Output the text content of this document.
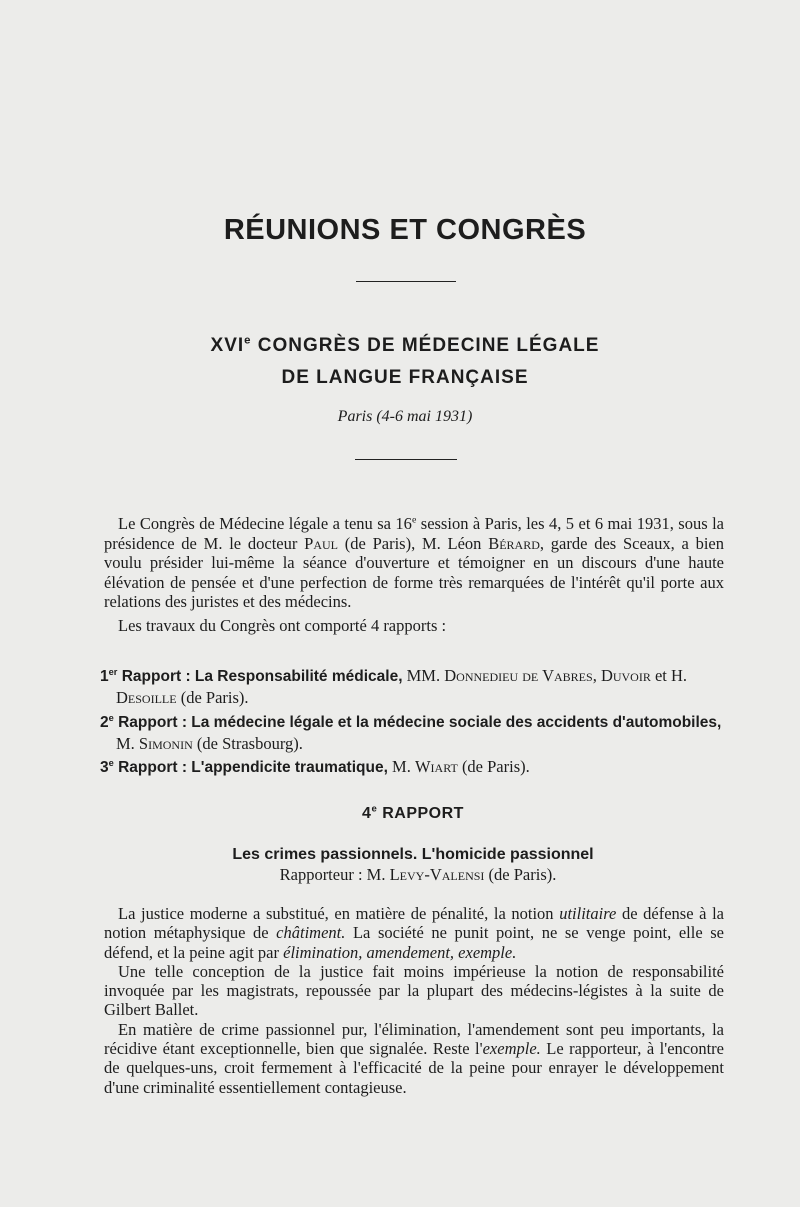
RÉUNIONS ET CONGRÈS
XVIe CONGRÈS DE MÉDECINE LÉGALE
DE LANGUE FRANÇAISE
Paris (4-6 mai 1931)

Le Congrès de Médecine légale a tenu sa 16e session à Paris, les 4, 5 et 6 mai 1931, sous la présidence de M. le docteur Paul (de Paris), M. Léon Bérard, garde des Sceaux, a bien voulu présider lui-même la séance d'ouverture et témoigner en un discours d'une haute élévation de pensée et d'une perfection de forme très remarquées de l'intérêt qu'il porte aux relations des juristes et des médecins.

Les travaux du Congrès ont comporté 4 rapports :

1er Rapport : La Responsabilité médicale, MM. Donnedieu de Vabres, Duvoir et H. Desoille (de Paris).
2e Rapport : La médecine légale et la médecine sociale des accidents d'automobiles, M. Simonin (de Strasbourg).
3e Rapport : L'appendicite traumatique, M. Wiart (de Paris).
4e RAPPORT
Les crimes passionnels. L'homicide passionnel
Rapporteur : M. Levy-Valensi (de Paris).

La justice moderne a substitué, en matière de pénalité, la notion utilitaire de défense à la notion métaphysique de châtiment. La société ne punit point, ne se venge point, elle se défend, et la peine agit par élimination, amendement, exemple.

Une telle conception de la justice fait moins impérieuse la notion de responsabilité invoquée par les magistrats, repoussée par la plupart des médecins-légistes à la suite de Gilbert Ballet.

En matière de crime passionnel pur, l'élimination, l'amendement sont peu importants, la récidive étant exceptionnelle, bien que signalée. Reste l'exemple. Le rapporteur, à l'encontre de quelques-uns, croit fermement à l'efficacité de la peine pour enrayer le développement d'une criminalité essentiellement contagieuse.
